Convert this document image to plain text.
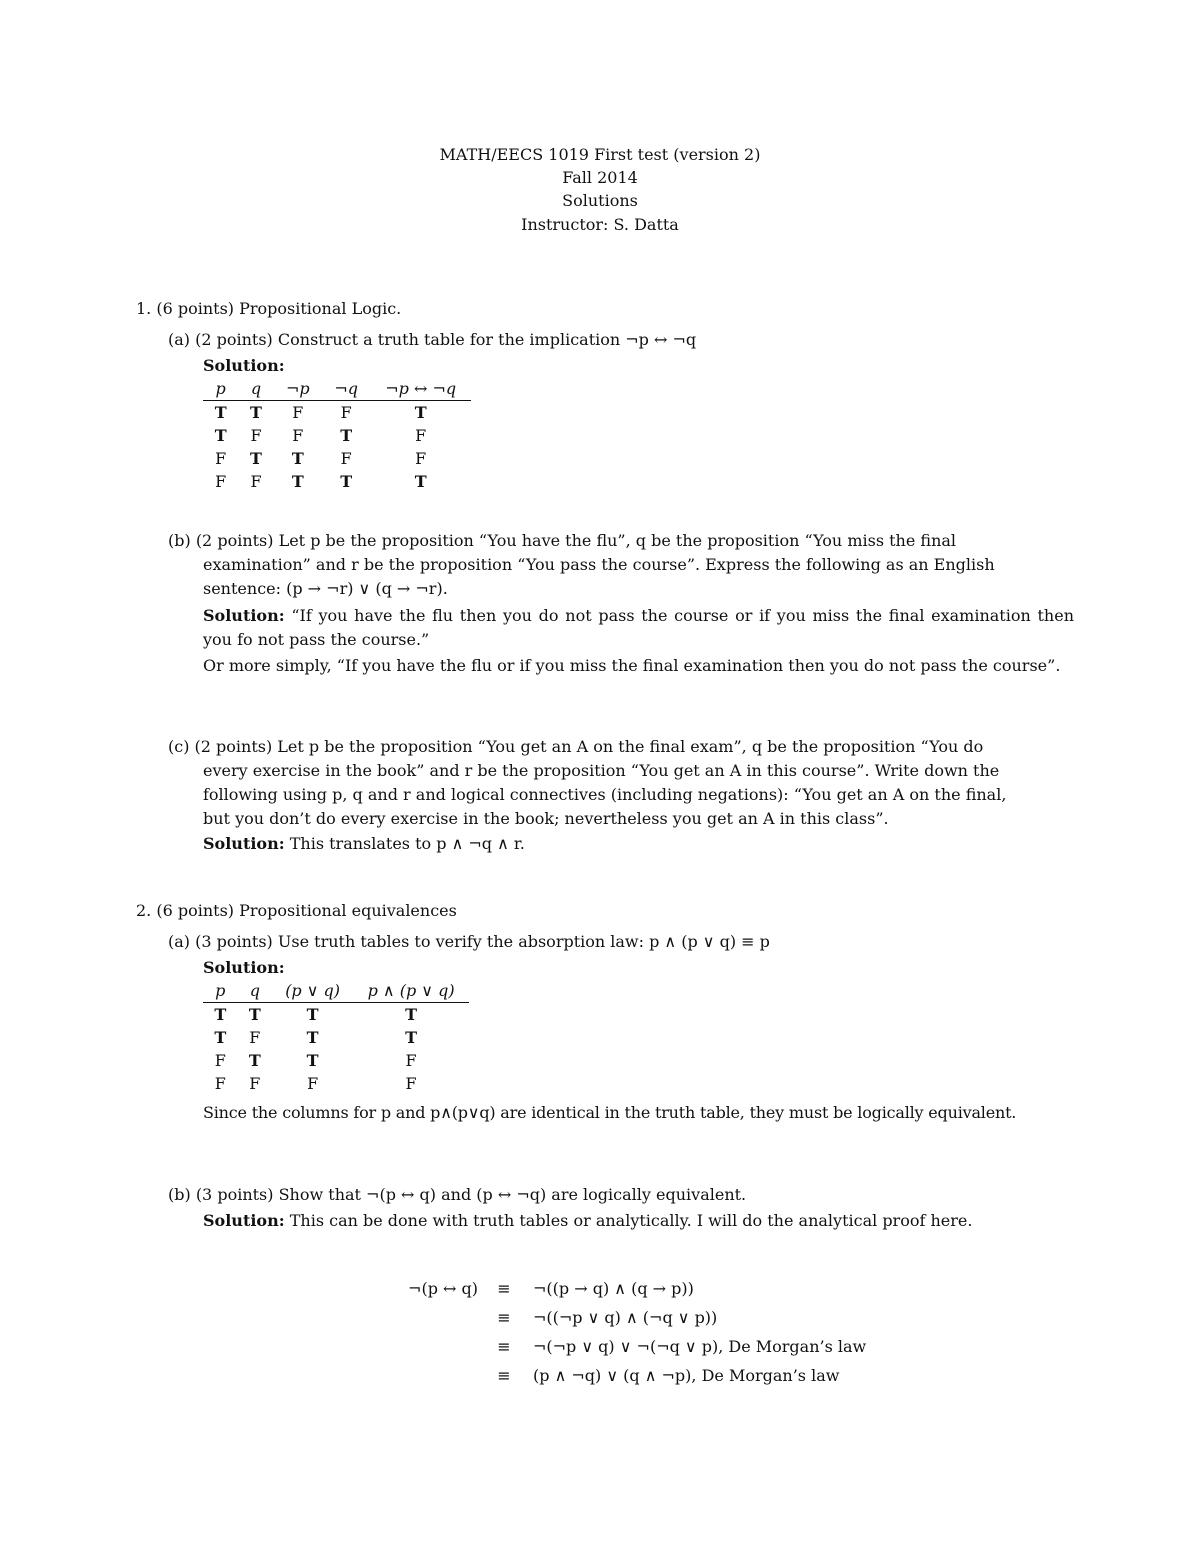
MATH/EECS 1019 First test (version 2)
Fall 2014
Solutions
Instructor: S. Datta
1. (6 points) Propositional Logic.
(a) (2 points) Construct a truth table for the implication ¬p ↔ ¬q
Solution:
p	q	¬p	¬q	¬p ↔ ¬q
T	T	F	F	T
T	F	F	T	F
F	T	T	F	F
F	F	T	T	T
(b) (2 points) Let p be the proposition “You have the flu”, q be the proposition “You miss the final
examination” and r be the proposition “You pass the course”. Express the following as an English
sentence: (p → ¬r) ∨ (q → ¬r).
Solution: “If you have the flu then you do not pass the course or if you miss the final examination then you fo not pass the course.”
Or more simply, “If you have the flu or if you miss the final examination then you do not pass the course”.
(c) (2 points) Let p be the proposition “You get an A on the final exam”, q be the proposition “You do
every exercise in the book” and r be the proposition “You get an A in this course”. Write down the
following using p, q and r and logical connectives (including negations): “You get an A on the final,
but you don’t do every exercise in the book; nevertheless you get an A in this class”.
Solution: This translates to p ∧ ¬q ∧ r.
2. (6 points) Propositional equivalences
(a) (3 points) Use truth tables to verify the absorption law: p ∧ (p ∨ q) ≡ p
Solution:
p	q	(p ∨ q)	p ∧ (p ∨ q)
T	T	T	T
T	F	T	T
F	T	T	F
F	F	F	F
Since the columns for p and p∧(p∨q) are identical in the truth table, they must be logically equivalent.
(b) (3 points) Show that ¬(p ↔ q) and (p ↔ ¬q) are logically equivalent.
Solution: This can be done with truth tables or analytically. I will do the analytical proof here.
¬(p ↔ q)	≡	¬((p → q) ∧ (q → p))
≡	¬((¬p ∨ q) ∧ (¬q ∨ p))
≡	¬(¬p ∨ q) ∨ ¬(¬q ∨ p), De Morgan’s law
≡	(p ∧ ¬q) ∨ (q ∧ ¬p), De Morgan’s law
